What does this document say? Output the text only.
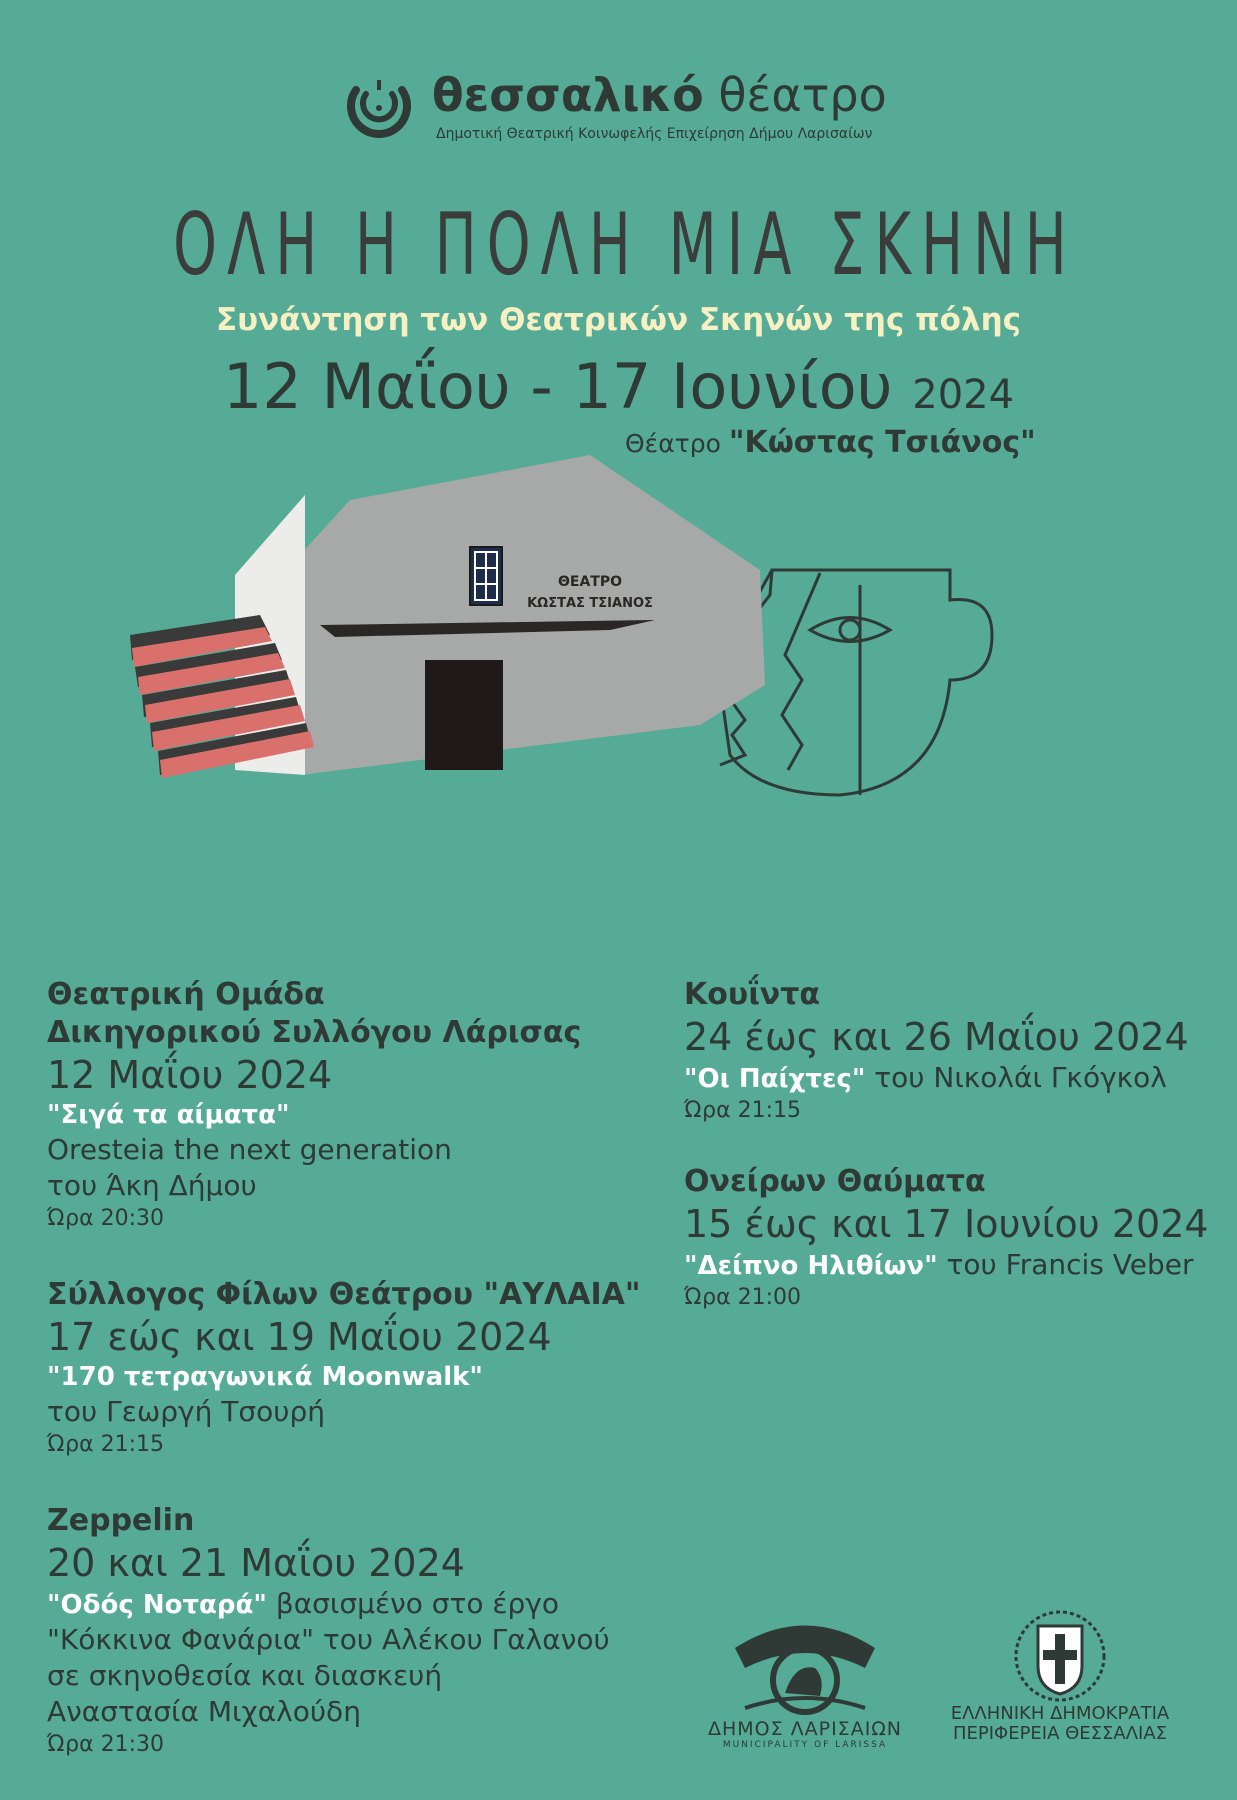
θεσσαλικό θέατρο
Δημοτική Θεατρική Κοινωφελής Επιχείρηση Δήμου Λαρισαίων
ΟΛΗ Η ΠΟΛΗ ΜΙΑ ΣΚΗΝΗ
Συνάντηση των Θεατρικών Σκηνών της πόλης
12 Μαΐου - 17 Ιουνίου 2024
Θέατρο "Κώστας Τσιάνος"
ΘΕΑΤΡΟ
ΚΩΣΤΑΣ ΤΣΙΑΝΟΣ
Θεατρική Ομάδα
Δικηγορικού Συλλόγου Λάρισας
12 Μαΐου 2024
"Σιγά τα αίματα"
Oresteia the next generation
του Άκη Δήμου
Ώρα 20:30
Σύλλογος Φίλων Θεάτρου "ΑΥΛΑΙΑ"
17 εώς και 19 Μαΐου 2024
"170 τετραγωνικά Moonwalk"
του Γεωργή Τσουρή
Ώρα 21:15
Zeppelin
20 και 21 Μαΐου 2024
"Οδός Νοταρά" βασισμένο στο έργο
"Κόκκινα Φανάρια" του Αλέκου Γαλανού
σε σκηνοθεσία και διασκευή
Αναστασία Μιχαλούδη
Ώρα 21:30
Κουΐντα
24 έως και 26 Μαΐου 2024
"Οι Παίχτες" του Νικολάι Γκόγκολ
Ώρα 21:15
Ονείρων Θαύματα
15 έως και 17 Ιουνίου 2024
"Δείπνο Ηλιθίων" του Francis Veber
Ώρα 21:00
ΔΗΜΟΣ ΛΑΡΙΣΑΙΩΝ
MUNICIPALITY OF LARISSA
ΕΛΛΗΝΙΚΗ ΔΗΜΟΚΡΑΤΙΑ
ΠΕΡΙΦΕΡΕΙΑ ΘΕΣΣΑΛΙΑΣ
